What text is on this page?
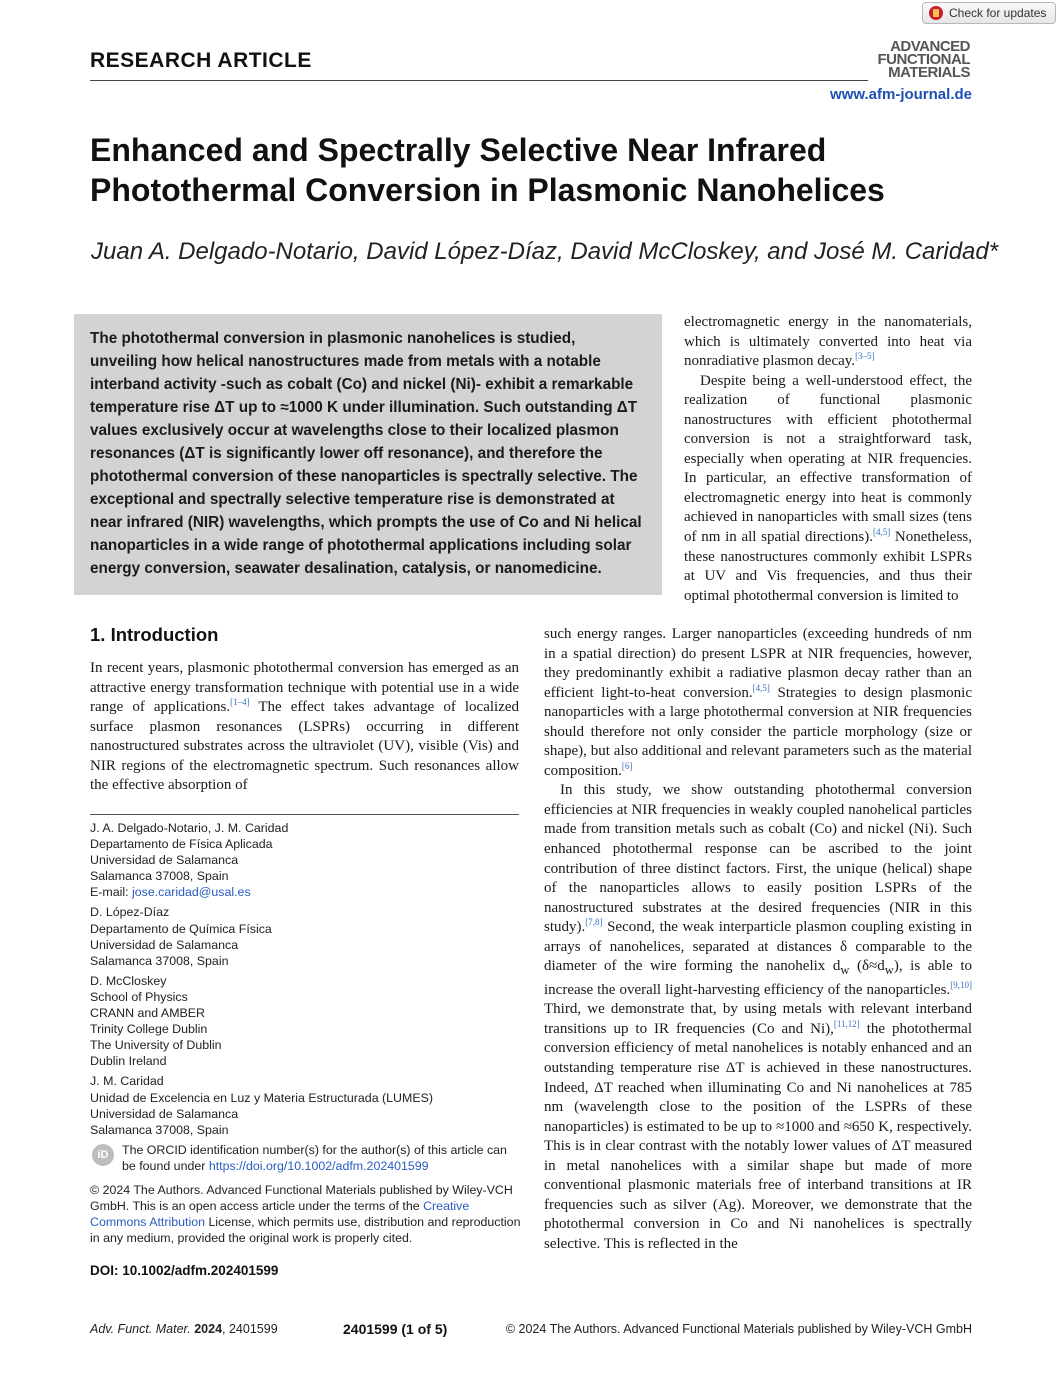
Check for updates
RESEARCH ARTICLE
ADVANCED
FUNCTIONAL
MATERIALS
www.afm-journal.de
Enhanced and Spectrally Selective Near Infrared
Photothermal Conversion in Plasmonic Nanohelices
Juan A. Delgado-Notario, David López-Díaz, David McCloskey, and José M. Caridad*
The photothermal conversion in plasmonic nanohelices is studied, unveiling how helical nanostructures made from metals with a notable interband activity -such as cobalt (Co) and nickel (Ni)- exhibit a remarkable temperature rise ΔT up to ≈1000 K under illumination. Such outstanding ΔT values exclusively occur at wavelengths close to their localized plasmon resonances (ΔT is significantly lower off resonance), and therefore the photothermal conversion of these nanoparticles is spectrally selective. The exceptional and spectrally selective temperature rise is demonstrated at near infrared (NIR) wavelengths, which prompts the use of Co and Ni helical nanoparticles in a wide range of photothermal applications including solar energy conversion, seawater desalination, catalysis, or nanomedicine.

electromagnetic energy in the nanomaterials, which is ultimately converted into heat via nonradiative plasmon decay.[3–5]

Despite being a well-understood effect, the realization of functional plasmonic nanostructures with efficient photothermal conversion is not a straightforward task, especially when operating at NIR frequencies. In particular, an effective transformation of electromagnetic energy into heat is commonly achieved in nanoparticles with small sizes (tens of nm in all spatial directions).[4,5] Nonetheless, these nanostructures commonly exhibit LSPRs at UV and Vis frequencies, and thus their optimal photothermal conversion is limited to

1. Introduction

In recent years, plasmonic photothermal conversion has emerged as an attractive energy transformation technique with potential use in a wide range of applications.[1–4] The effect takes advantage of localized surface plasmon resonances (LSPRs) occurring in different nanostructured substrates across the ultraviolet (UV), visible (Vis) and NIR regions of the electromagnetic spectrum. Such resonances allow the effective absorption of

such energy ranges. Larger nanoparticles (exceeding hundreds of nm in a spatial direction) do present LSPR at NIR frequencies, however, they predominantly exhibit a radiative plasmon decay rather than an efficient light-to-heat conversion.[4,5] Strategies to design plasmonic nanoparticles with a large photothermal conversion at NIR frequencies should therefore not only consider the particle morphology (size or shape), but also additional and relevant parameters such as the material composition.[6]

In this study, we show outstanding photothermal conversion efficiencies at NIR frequencies in weakly coupled nanohelical particles made from transition metals such as cobalt (Co) and nickel (Ni). Such enhanced photothermal response can be ascribed to the joint contribution of three distinct factors. First, the unique (helical) shape of the nanoparticles allows to easily position LSPRs of the nanostructured substrates at the desired frequencies (NIR in this study).[7,8] Second, the weak interparticle plasmon coupling existing in arrays of nanohelices, separated at distances δ comparable to the diameter of the wire forming the nanohelix $d_w$ $(\delta\approx d_w)$, is able to increase the overall light-harvesting efficiency of the nanoparticles.[9,10] Third, we demonstrate that, by using metals with relevant interband transitions up to IR frequencies (Co and Ni),[11,12] the photothermal conversion efficiency of metal nanohelices is notably enhanced and an outstanding temperature rise ΔT is achieved in these nanostructures. Indeed, ΔT reached when illuminating Co and Ni nanohelices at 785 nm (wavelength close to the position of the LSPRs of these nanoparticles) is estimated to be up to ≈1000 and ≈650 K, respectively. This is in clear contrast with the notably lower values of ΔT measured in metal nanohelices with a similar shape but made of more conventional plasmonic materials free of interband transitions at IR frequencies such as silver (Ag). Moreover, we demonstrate that the photothermal conversion in Co and Ni nanohelices is spectrally selective. This is reflected in the

J. A. Delgado-Notario, J. M. Caridad
Departamento de Física Aplicada
Universidad de Salamanca
Salamanca 37008, Spain
E-mail: jose.caridad@usal.es
D. López-Díaz
Departamento de Química Física
Universidad de Salamanca
Salamanca 37008, Spain
D. McCloskey
School of Physics
CRANN and AMBER
Trinity College Dublin
The University of Dublin
Dublin Ireland
J. M. Caridad
Unidad de Excelencia en Luz y Materia Estructurada (LUMES)
Universidad de Salamanca
Salamanca 37008, Spain
iD	The ORCID identification number(s) for the author(s) of this article can be found under https://doi.org/10.1002/adfm.202401599
© 2024 The Authors. Advanced Functional Materials published by Wiley-VCH GmbH. This is an open access article under the terms of the Creative Commons Attribution License, which permits use, distribution and reproduction in any medium, provided the original work is properly cited.
DOI: 10.1002/adfm.202401599
Adv. Funct. Mater. 2024, 2401599	2401599 (1 of 5)	© 2024 The Authors. Advanced Functional Materials published by Wiley-VCH GmbH
